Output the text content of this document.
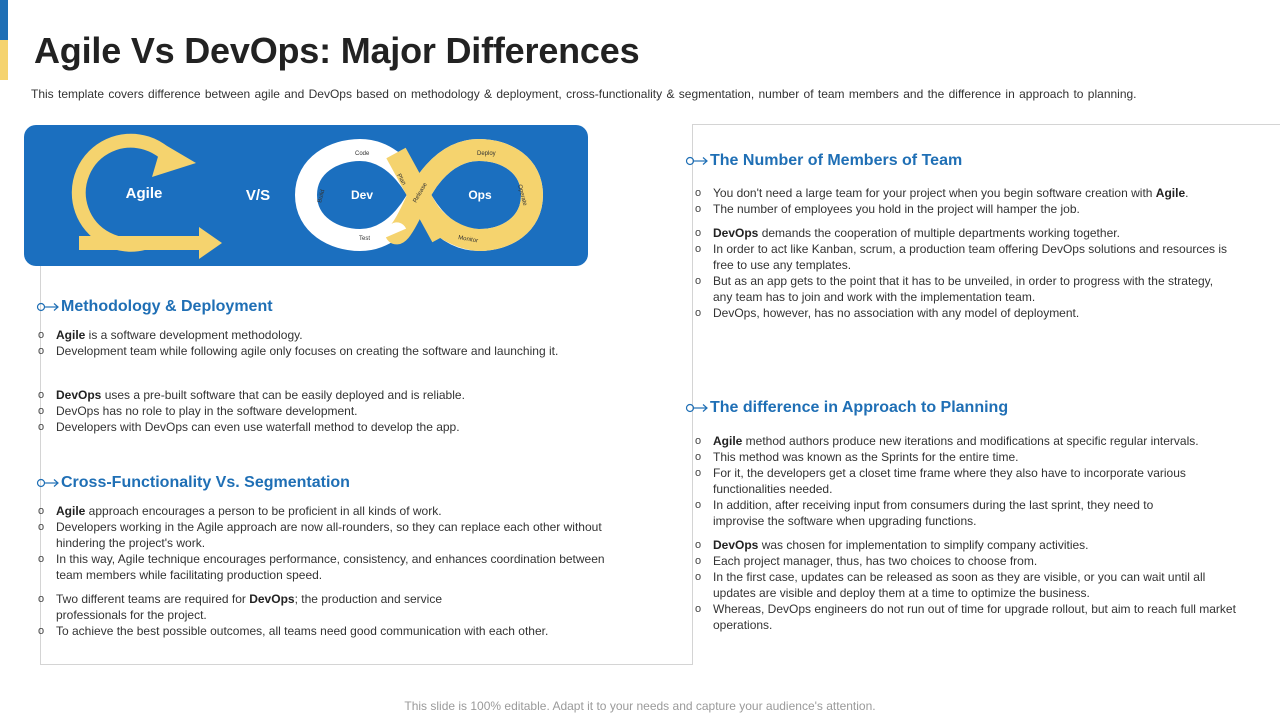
Agile Vs DevOps: Major Differences

This template covers difference between agile and DevOps based on methodology & deployment, cross-functionality & segmentation, number of team members and the difference in approach to planning.

Code
Plan
Build
Test
Release
Deploy
Operate
Monitor
Agile	V/S	Dev	Ops
Methodology & Deployment
o Agile is a software development methodology.
o Development team while following agile only focuses on creating the software and launching it.
o DevOps uses a pre-built software that can be easily deployed and is reliable.
o DevOps has no role to play in the software development.
o Developers with DevOps can even use waterfall method to develop the app.
Cross-Functionality Vs. Segmentation
o Agile approach encourages a person to be proficient in all kinds of work.
o Developers working in the Agile approach are now all-rounders, so they can replace each other without hindering the project's work.
o In this way, Agile technique encourages performance, consistency, and enhances coordination between team members while facilitating production speed.
o Two different teams are required for DevOps; the production and service professionals for the project.
o To achieve the best possible outcomes, all teams need good communication with each other.
The Number of Members of Team
o You don't need a large team for your project when you begin software creation with Agile.
o The number of employees you hold in the project will hamper the job.
o DevOps demands the cooperation of multiple departments working together.
o In order to act like Kanban, scrum, a production team offering DevOps solutions and resources is free to use any templates.
o But as an app gets to the point that it has to be unveiled, in order to progress with the strategy, any team has to join and work with the implementation team.
o DevOps, however, has no association with any model of deployment.
The difference in Approach to Planning
o Agile method authors produce new iterations and modifications at specific regular intervals.
o This method was known as the Sprints for the entire time.
o For it, the developers get a closet time frame where they also have to incorporate various functionalities needed.
o In addition, after receiving input from consumers during the last sprint, they need to improvise the software when upgrading functions.
o DevOps was chosen for implementation to simplify company activities.
o Each project manager, thus, has two choices to choose from.
o In the first case, updates can be released as soon as they are visible, or you can wait until all updates are visible and deploy them at a time to optimize the business.
o Whereas, DevOps engineers do not run out of time for upgrade rollout, but aim to reach full market operations.
This slide is 100% editable. Adapt it to your needs and capture your audience's attention.
